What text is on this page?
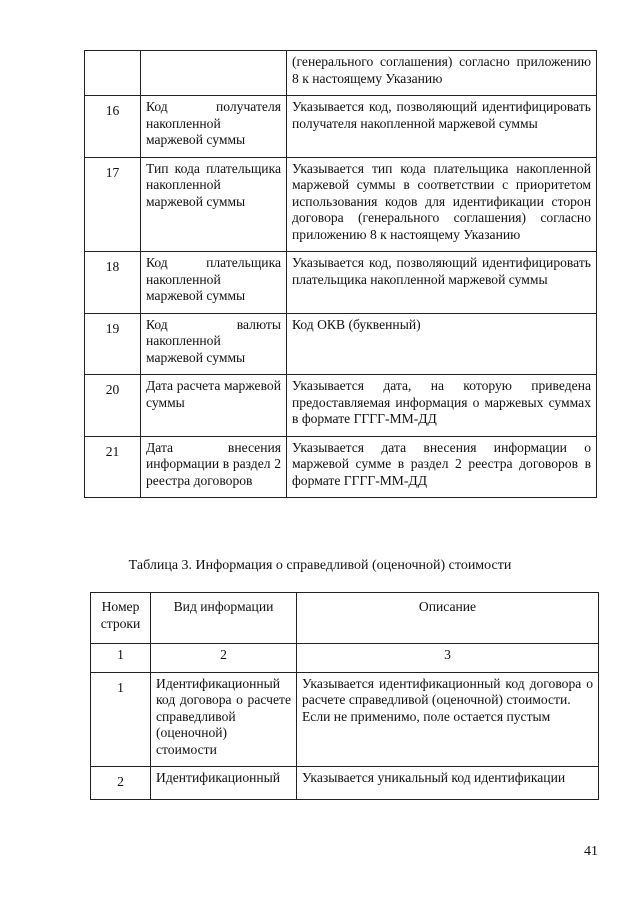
		(генерального соглашения) согласно приложению 8 к настоящему Указанию

16	Код получателя накопленной маржевой суммы	Указывается код, позволяющий идентифицировать получателя накопленной маржевой суммы

17	Тип кода плательщика накопленной маржевой суммы	Указывается тип кода плательщика накопленной маржевой суммы в соответствии с приоритетом использования кодов для идентификации сторон договора (генерального соглашения) согласно приложению 8 к настоящему Указанию

18	Код плательщика накопленной маржевой суммы	Указывается код, позволяющий идентифицировать плательщика накопленной маржевой суммы

19	Код валюты накопленной маржевой суммы	Код ОКВ (буквенный)

20	Дата расчета маржевой суммы	Указывается дата, на которую приведена предоставляемая информация о маржевых суммах в формате ГГГГ-ММ-ДД

21	Дата внесения информации в раздел 2 реестра договоров	Указывается дата внесения информации о маржевой сумме в раздел 2 реестра договоров в формате ГГГГ-ММ-ДД
Таблица 3. Информация о справедливой (оценочной) стоимости
Номер строки	Вид информации	Описание
1	2	3
1	Идентификационный код договора о расчете справедливой (оценочной) стоимости	Указывается идентификационный код договора о расчете справедливой (оценочной) стоимости.
Если не применимо, поле остается пустым

2	Идентификационный	Указывается уникальный код идентификации
41
